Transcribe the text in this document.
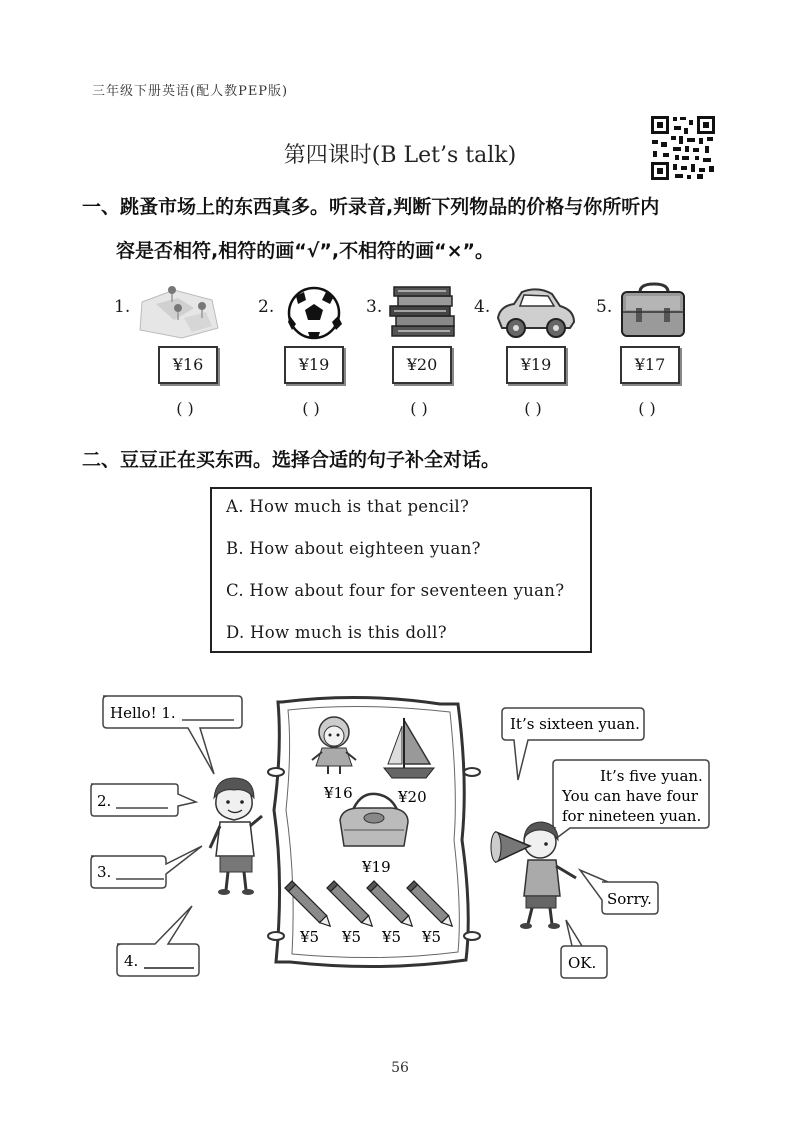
三年级下册英语(配人教PEP版)
第四课时(B Let’s talk)
一、跳蚤市场上的东西真多。听录音,判断下列物品的价格与你所听内
容是否相符,相符的画“√”,不相符的画“×”。
1.
¥16
( )
2.
¥19
( )
3.
¥20
( )
4.
¥19
( )
5.
¥17
( )
二、豆豆正在买东西。选择合适的句子补全对话。
A. How much is that pencil?
B. How about eighteen yuan?
C. How about four for seventeen yuan?
D. How much is this doll?
Hello! 1.
2.
3.
4.
It’s sixteen yuan.
It’s five yuan.
You can have four
for nineteen yuan.
Sorry.
OK.
¥16	¥20
¥19
¥5 ¥5 ¥5 ¥5
56
